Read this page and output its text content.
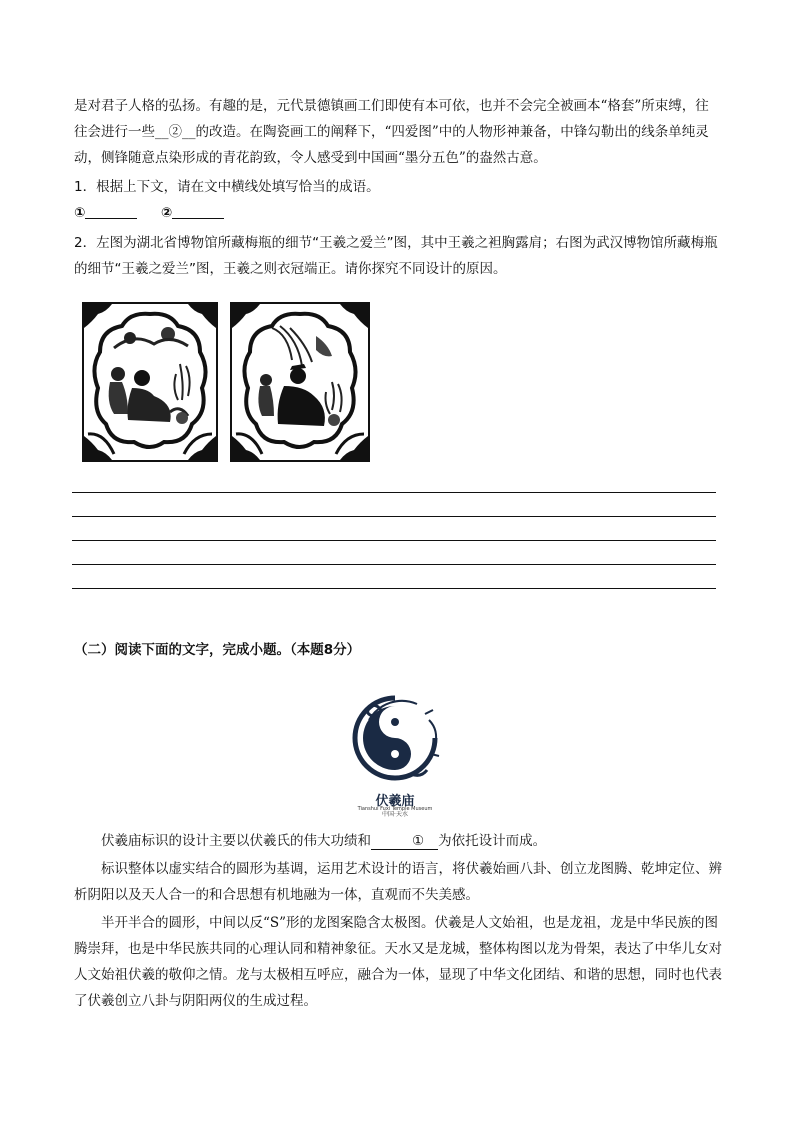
是对君子人格的弘扬。有趣的是，元代景德镇画工们即使有本可依，也并不会完全被画本“格套”所束缚，往往会进行一些__②__的改造。在陶瓷画工的阐释下，“四爱图”中的人物形神兼备，中锋勾勒出的线条单纯灵动，侧锋随意点染形成的青花韵致，令人感受到中国画“墨分五色”的盎然古意。

1．根据上下文，请在文中横线处填写恰当的成语。

①	②

2．左图为湖北省博物馆所藏梅瓶的细节“王羲之爱兰”图，其中王羲之袒胸露肩；右图为武汉博物馆所藏梅瓶的细节“王羲之爱兰”图，王羲之则衣冠端正。请你探究不同设计的原因。

（二）阅读下面的文字，完成小题。（本题8分）
伏羲庙
Tianshui Fuxi Temple Museum
中国·天水

伏羲庙标识的设计主要以伏羲氏的伟大功绩和	① 为依托设计而成。

标识整体以虚实结合的圆形为基调，运用艺术设计的语言，将伏羲始画八卦、创立龙图腾、乾坤定位、辨析阴阳以及天人合一的和合思想有机地融为一体，直观而不失美感。

半开半合的圆形，中间以反“S”形的龙图案隐含太极图。伏羲是人文始祖，也是龙祖，龙是中华民族的图腾崇拜，也是中华民族共同的心理认同和精神象征。天水又是龙城，整体构图以龙为骨架，表达了中华儿女对人文始祖伏羲的敬仰之情。龙与太极相互呼应，融合为一体，显现了中华文化团结、和谐的思想，同时也代表了伏羲创立八卦与阴阳两仪的生成过程。
